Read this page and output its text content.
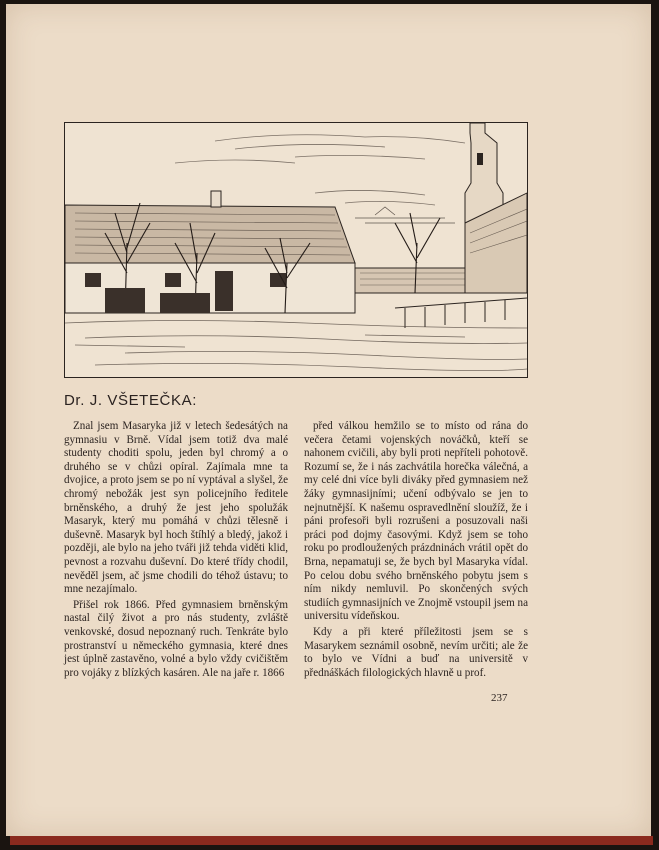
Dr. J. VŠETEČKA:

Znal jsem Masaryka již v letech šedesátých na gymnasiu v Brně. Vídal jsem totiž dva malé studenty choditi spolu, jeden byl chromý a o druhého se v chůzi opíral. Zajímala mne ta dvojice, a proto jsem se po ní vyptával a slyšel, že chromý nebožák jest syn policejního ředitele brněnského, a druhý že jest jeho spolužák Masaryk, který mu pomáhá v chůzi tělesně i duševně. Masaryk byl hoch štíhlý a bledý, jakož i později, ale bylo na jeho tváři již tehda viděti klid, pevnost a rozvahu duševní. Do které třídy chodil, nevěděl jsem, ač jsme chodili do téhož ústavu; to mne nezajímalo.

Přišel rok 1866. Před gymnasiem brněnským nastal čilý život a pro nás studenty, zvláště venkovské, dosud nepoznaný ruch. Tenkráte bylo prostranství u německého gymnasia, které dnes jest úplně zastavěno, volné a bylo vždy cvičištěm pro vojáky z blízkých kasáren. Ale na jaře r. 1866

před válkou hemžilo se to místo od rána do večera četami vojenských nováčků, kteří se nahonem cvičili, aby byli proti nepříteli pohotově. Rozumí se, že i nás zachvátila horečka válečná, a my celé dni více byli diváky před gymnasiem než žáky gymnasijními; učení odbývalo se jen to nejnutnější. K našemu ospravedlnění sloužíž, že i páni profesoři byli rozrušeni a posuzovali naši práci pod dojmy časovými. Když jsem se toho roku po prodloužených prázdninách vrátil opět do Brna, nepamatuji se, že bych byl Masaryka vídal. Po celou dobu svého brněnského pobytu jsem s ním nikdy nemluvil. Po skončených svých studiích gymnasijních ve Znojmě vstoupil jsem na universitu vídeňskou.

Kdy a při které příležitosti jsem se s Masarykem seznámil osobně, nevím určiti; ale že to bylo ve Vídni a buď na universitě v přednáškách filologických hlavně u prof.

237
